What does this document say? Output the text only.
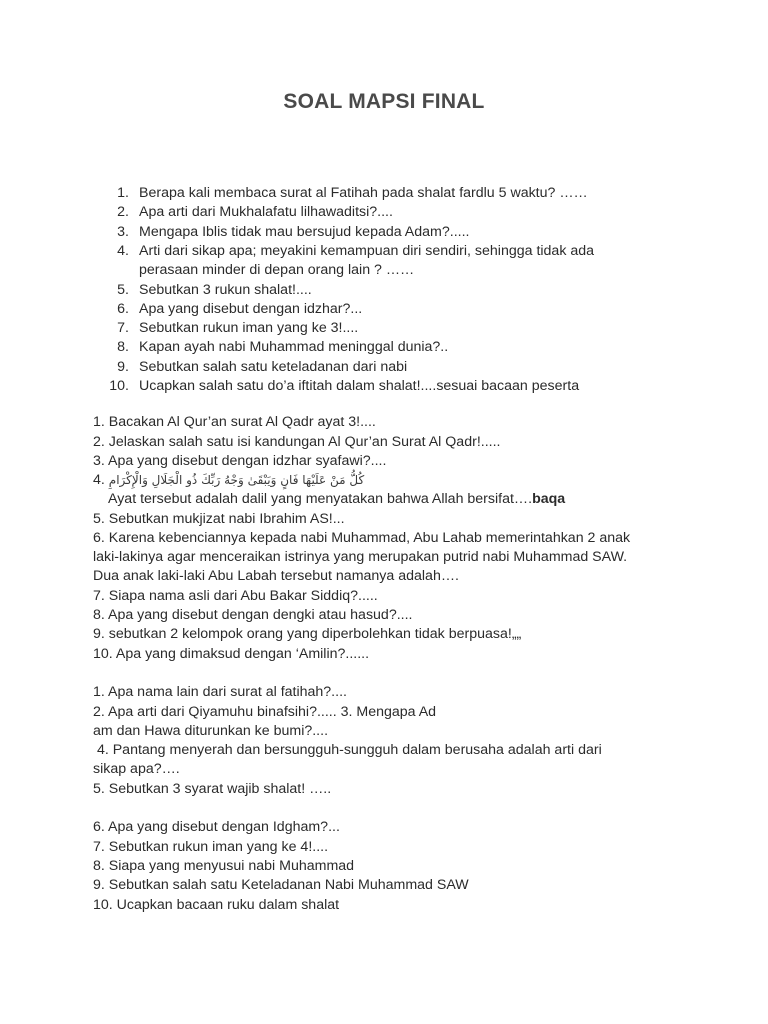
SOAL MAPSI FINAL
1. Berapa kali membaca surat al Fatihah pada shalat fardlu 5 waktu? ……
2. Apa arti dari Mukhalafatu lilhawaditsi?....
3. Mengapa Iblis tidak mau bersujud kepada Adam?.....
4. Arti dari sikap apa; meyakini kemampuan diri sendiri, sehingga tidak ada
perasaan minder di depan orang lain ? ……
5. Sebutkan 3 rukun shalat!....
6. Apa yang disebut dengan idzhar?...
7. Sebutkan rukun iman yang ke 3!....
8. Kapan ayah nabi Muhammad meninggal dunia?..
9. Sebutkan salah satu keteladanan dari nabi
10. Ucapkan salah satu do’a iftitah dalam shalat!....sesuai bacaan peserta
1. Bacakan Al Qur’an surat Al Qadr ayat 3!....
2. Jelaskan salah satu isi kandungan Al Qur’an Surat Al Qadr!.....
3. Apa yang disebut dengan idzhar syafawi?....
4. كُلُّ مَنْ عَلَيْهَا فَانٍ وَيَبْقَىٰ وَجْهُ رَبِّكَ ذُو الْجَلَالِ وَالْإِكْرَامِ
Ayat tersebut adalah dalil yang menyatakan bahwa Allah bersifat….baqa
5. Sebutkan mukjizat nabi Ibrahim AS!...
6. Karena kebenciannya kepada nabi Muhammad, Abu Lahab memerintahkan 2 anak
laki-lakinya agar menceraikan istrinya yang merupakan putrid nabi Muhammad SAW.
Dua anak laki-laki Abu Labah tersebut namanya adalah….
7. Siapa nama asli dari Abu Bakar Siddiq?.....
8. Apa yang disebut dengan dengki atau hasud?....
9. sebutkan 2 kelompok orang yang diperbolehkan tidak berpuasa!„„
10. Apa yang dimaksud dengan ‘Amilin?......
1. Apa nama lain dari surat al fatihah?....
2. Apa arti dari Qiyamuhu binafsihi?..... 3. Mengapa Ad
am dan Hawa diturunkan ke bumi?....
4. Pantang menyerah dan bersungguh-sungguh dalam berusaha adalah arti dari
sikap apa?….
5. Sebutkan 3 syarat wajib shalat! …..
6. Apa yang disebut dengan Idgham?...
7. Sebutkan rukun iman yang ke 4!....
8. Siapa yang menyusui nabi Muhammad
9. Sebutkan salah satu Keteladanan Nabi Muhammad SAW
10. Ucapkan bacaan ruku dalam shalat
